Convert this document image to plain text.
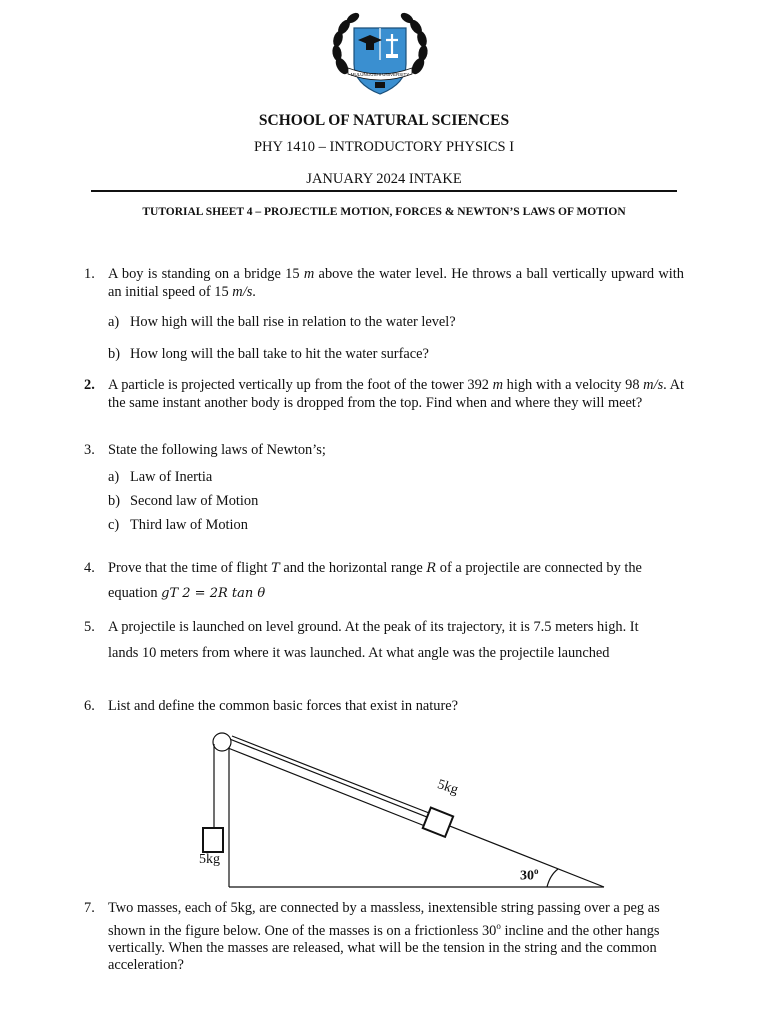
MULUNGUSHI UNIVERSITY
SCHOOL OF NATURAL SCIENCES
PHY 1410 – INTRODUCTORY PHYSICS I
JANUARY 2024 INTAKE
TUTORIAL SHEET 4 – PROJECTILE MOTION, FORCES & NEWTON’S LAWS OF MOTION
1. A boy is standing on a bridge 15 m above the water level. He throws a ball vertically upward with an initial speed of 15 m/s.
a) How high will the ball rise in relation to the water level?
b) How long will the ball take to hit the water surface?
2. A particle is projected vertically up from the foot of the tower 392 m high with a velocity 98 m/s. At the same instant another body is dropped from the top. Find when and where they will meet?
3. State the following laws of Newton’s;
a) Law of Inertia
b) Second law of Motion
c) Third law of Motion
4. Prove that the time of flight T and the horizontal range R of a projectile are connected by the
equation gT 2 = 2R tan θ
5. A projectile is launched on level ground. At the peak of its trajectory, it is 7.5 meters high. It
lands 10 meters from where it was launched. At what angle was the projectile launched
6. List and define the common basic forces that exist in nature?
5kg
5kg
30$^o$
7. Two masses, each of 5kg, are connected by a massless, inextensible string passing over a peg as shown in the figure below. One of the masses is on a frictionless 30$^o$ incline and the other hangs vertically. When the masses are released, what will be the tension in the string and the common acceleration?
